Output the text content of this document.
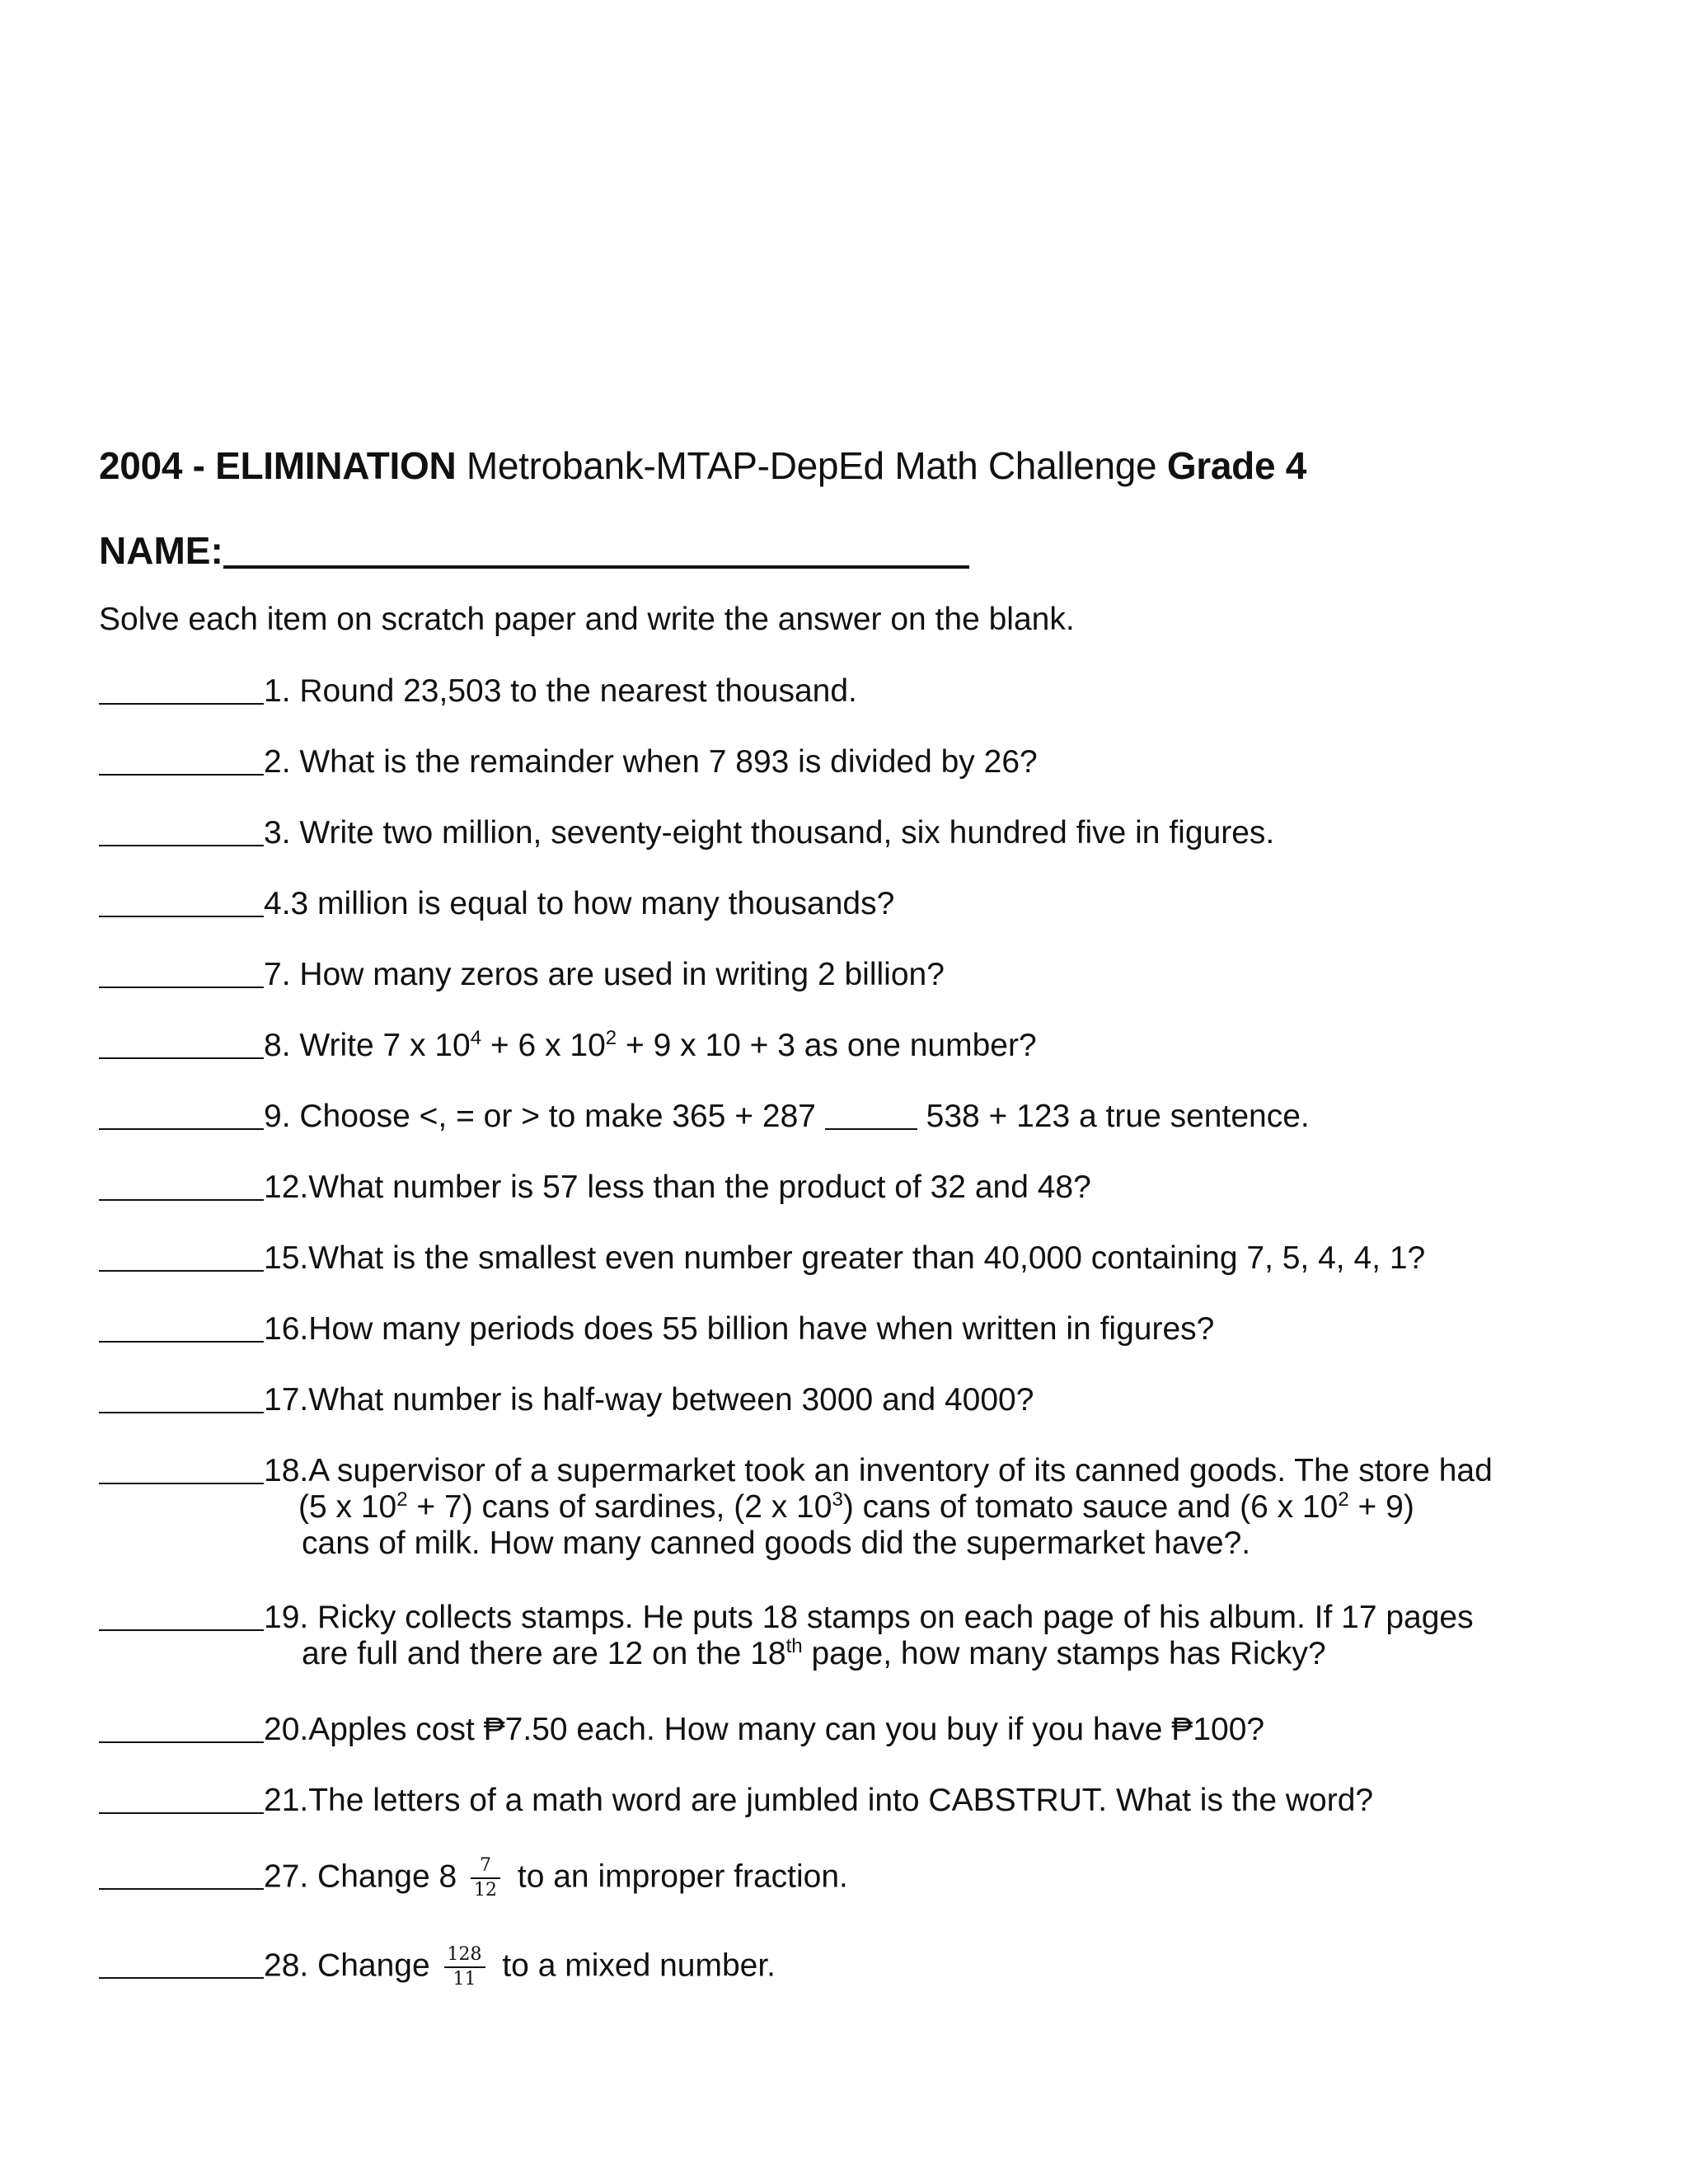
2004 - ELIMINATION Metrobank-MTAP-DepEd Math Challenge Grade 4
NAME:
Solve each item on scratch paper and write the answer on the blank.
1. Round 23,503 to the nearest thousand.
2. What is the remainder when 7 893 is divided by 26?
3. Write two million, seventy-eight thousand, six hundred five in figures.
4.3 million is equal to how many thousands?
7. How many zeros are used in writing 2 billion?
8. Write 7 x $10^4 + 6$ x $10^2 + 9$ x 10 + 3 as one number?
9. Choose <, = or > to make 365 + 287	538 + 123 a true sentence.
12.What number is 57 less than the product of 32 and 48?
15.What is the smallest even number greater than 40,000 containing 7, 5, 4, 4, 1?
16.How many periods does 55 billion have when written in figures?
17.What number is half-way between 3000 and 4000?
18.A supervisor of a supermarket took an inventory of its canned goods. The store had
(5 x $10^2 + 7$) cans of sardines, (2 x $10^3$) cans of tomato sauce and (6 x $10^2 + 9$)
cans of milk. How many canned goods did the supermarket have?.
19. Ricky collects stamps. He puts 18 stamps on each page of his album. If 17 pages
are full and there are 12 on the 18th page, how many stamps has Ricky?
20.Apples cost ₱7.50 each. How many can you buy if you have ₱100?
21.The letters of a math word are jumbled into CABSTRUT. What is the word?
27. Change $8 \frac{7}{12}$ to an improper fraction.
28. Change $\frac{128}{11}$ to a mixed number.
